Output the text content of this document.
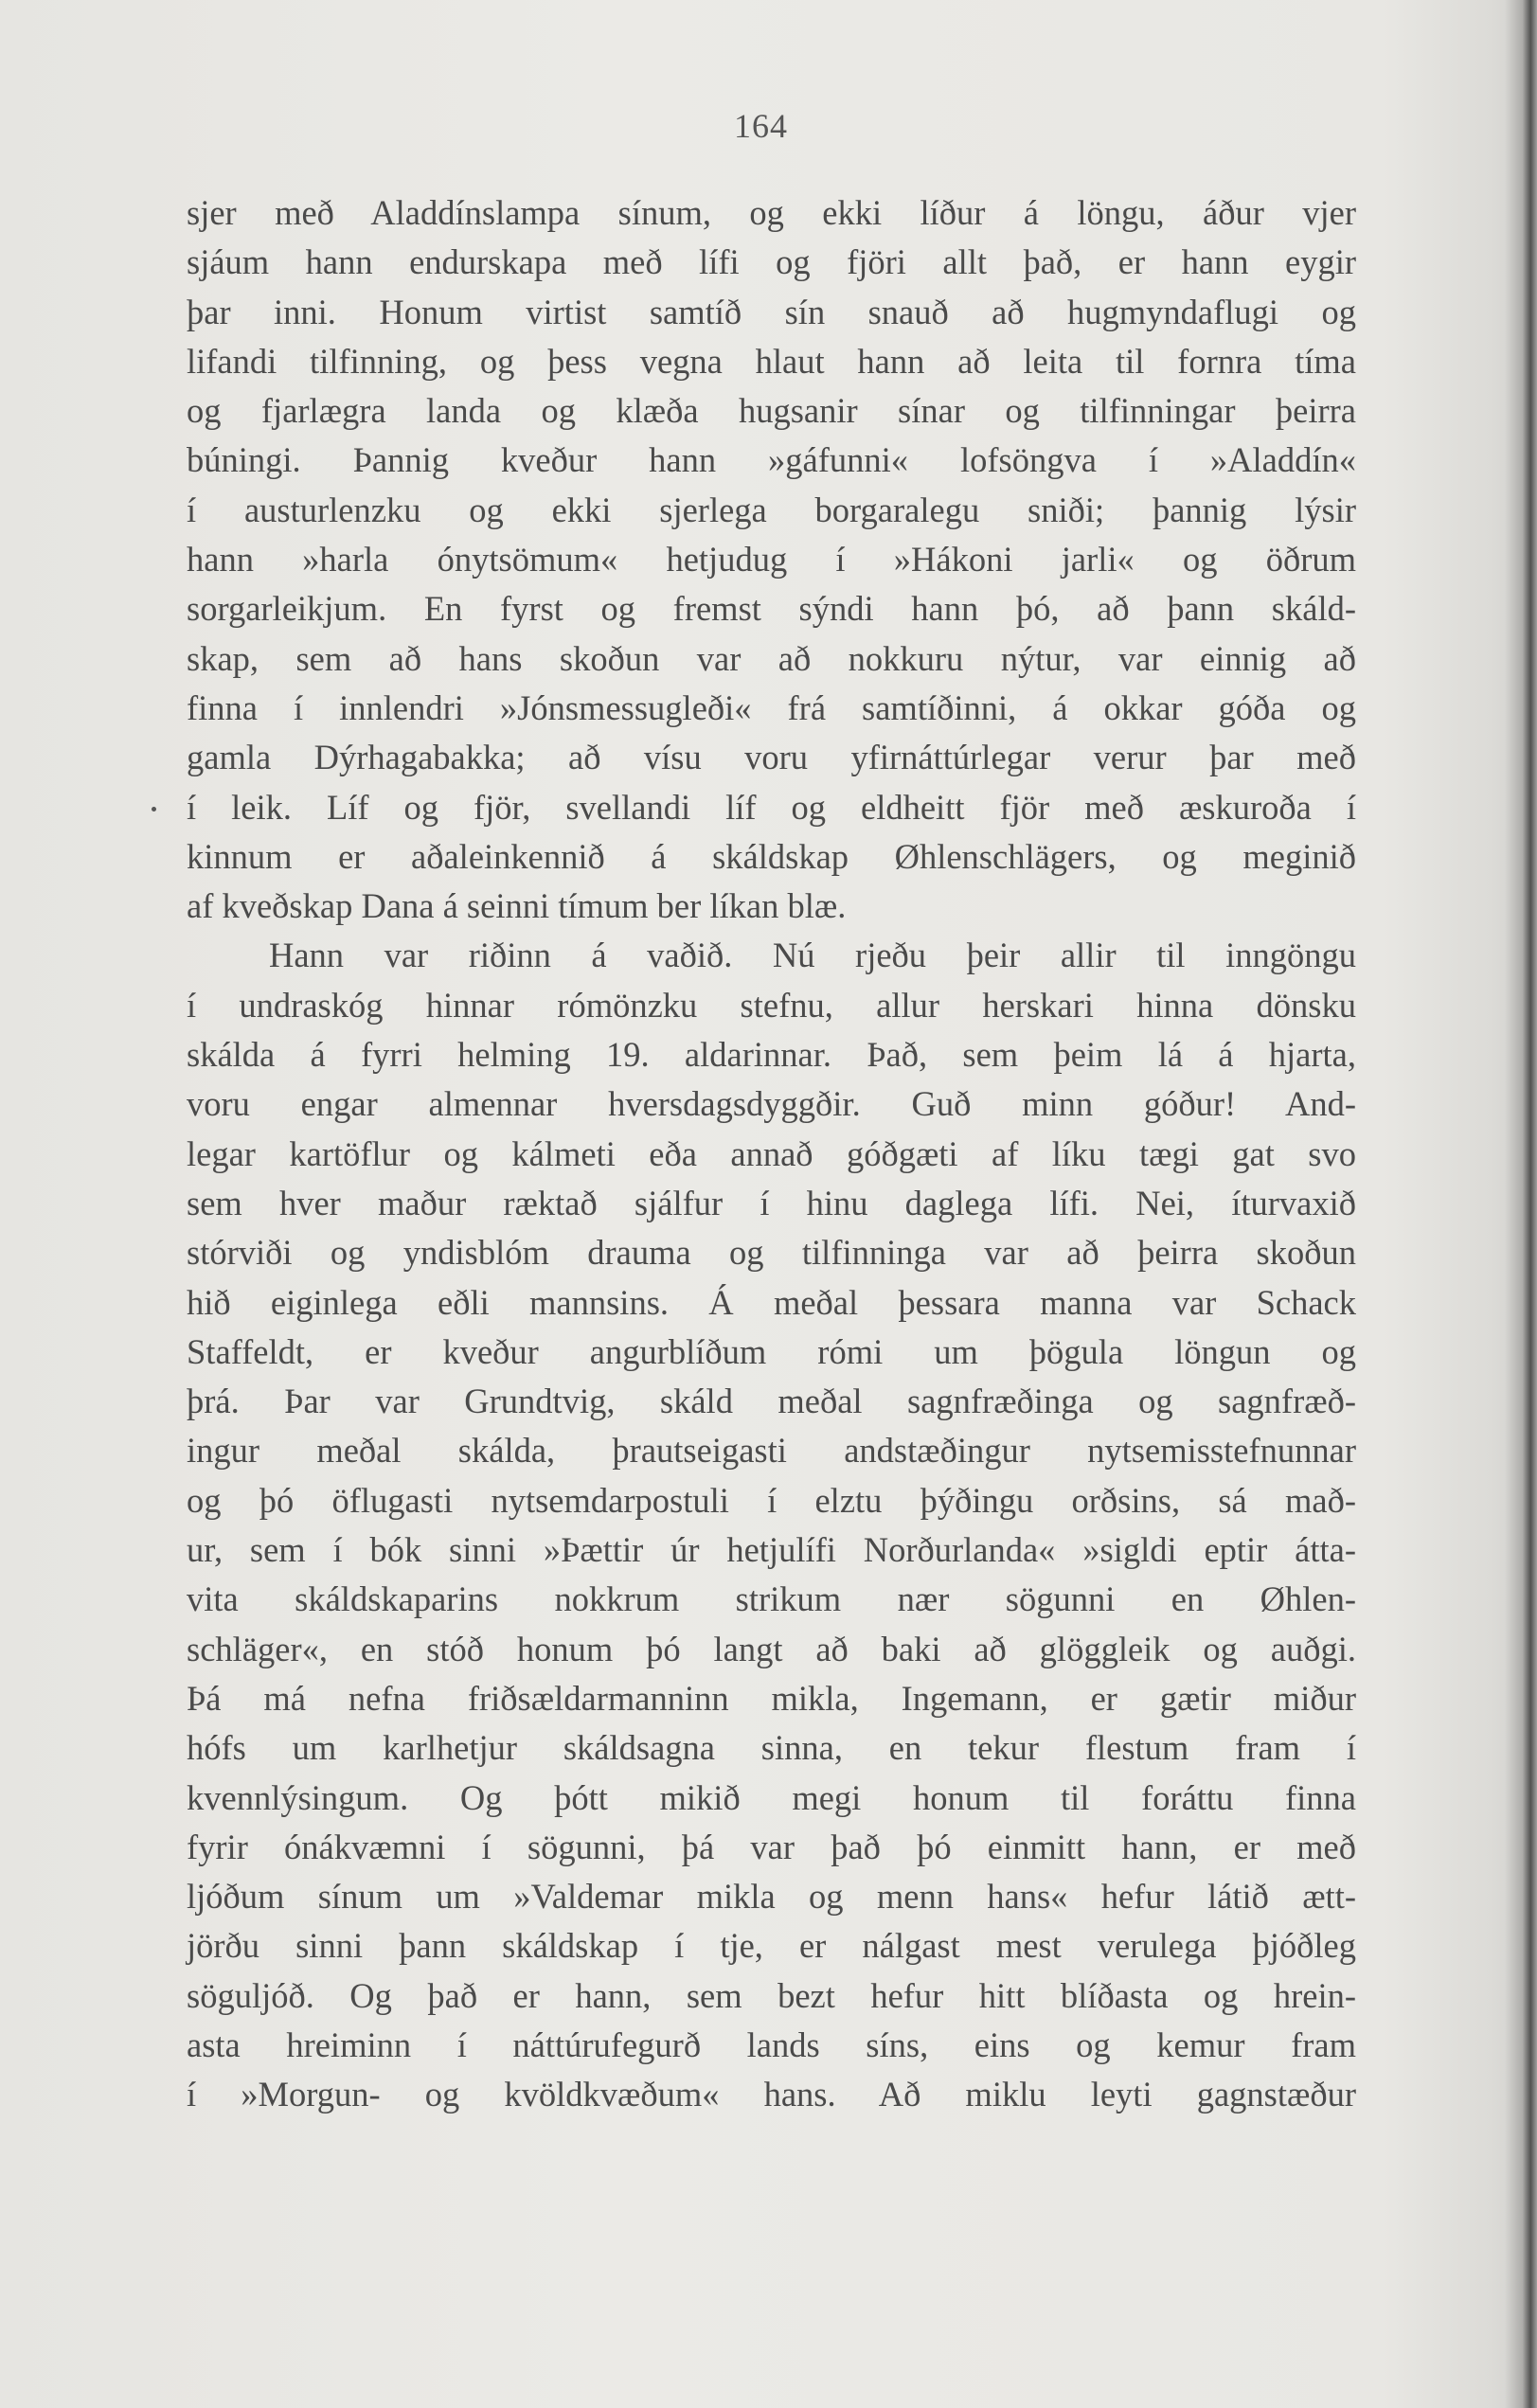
164
sjer með Aladdínslampa sínum, og ekki líður á löngu, áður vjer
sjáum hann endurskapa með lífi og fjöri allt það, er hann eygir
þar inni. Honum virtist samtíð sín snauð að hugmyndaflugi og
lifandi tilfinning, og þess vegna hlaut hann að leita til fornra tíma
og fjarlægra landa og klæða hugsanir sínar og tilfinningar þeirra
búningi. Þannig kveður hann »gáfunni« lofsöngva í »Aladdín«
í austurlenzku og ekki sjerlega borgaralegu sniði; þannig lýsir
hann »harla ónytsömum« hetjudug í »Hákoni jarli« og öðrum
sorgarleikjum. En fyrst og fremst sýndi hann þó, að þann skáld-
skap, sem að hans skoðun var að nokkuru nýtur, var einnig að
finna í innlendri »Jónsmessugleði« frá samtíðinni, á okkar góða og
gamla Dýrhagabakka; að vísu voru yfirnáttúrlegar verur þar með
í leik. Líf og fjör, svellandi líf og eldheitt fjör með æskuroða í
kinnum er aðaleinkennið á skáldskap Øhlenschlägers, og meginið
af kveðskap Dana á seinni tímum ber líkan blæ.
Hann var riðinn á vaðið. Nú rjeðu þeir allir til inngöngu
í undraskóg hinnar rómönzku stefnu, allur herskari hinna dönsku
skálda á fyrri helming 19. aldarinnar. Það, sem þeim lá á hjarta,
voru engar almennar hversdagsdyggðir. Guð minn góður! And-
legar kartöflur og kálmeti eða annað góðgæti af líku tægi gat svo
sem hver maður ræktað sjálfur í hinu daglega lífi. Nei, íturvaxið
stórviði og yndisblóm drauma og tilfinninga var að þeirra skoðun
hið eiginlega eðli mannsins. Á meðal þessara manna var Schack
Staffeldt, er kveður angurblíðum rómi um þögula löngun og
þrá. Þar var Grundtvig, skáld meðal sagnfræðinga og sagnfræð-
ingur meðal skálda, þrautseigasti andstæðingur nytsemisstefnunnar
og þó öflugasti nytsemdarpostuli í elztu þýðingu orðsins, sá mað-
ur, sem í bók sinni »Þættir úr hetjulífi Norðurlanda« »sigldi eptir átta-
vita skáldskaparins nokkrum strikum nær sögunni en Øhlen-
schläger«, en stóð honum þó langt að baki að glöggleik og auðgi.
Þá má nefna friðsældarmanninn mikla, Ingemann, er gætir miður
hófs um karlhetjur skáldsagna sinna, en tekur flestum fram í
kvennlýsingum. Og þótt mikið megi honum til foráttu finna
fyrir ónákvæmni í sögunni, þá var það þó einmitt hann, er með
ljóðum sínum um »Valdemar mikla og menn hans« hefur látið ætt-
jörðu sinni þann skáldskap í tje, er nálgast mest verulega þjóðleg
söguljóð. Og það er hann, sem bezt hefur hitt blíðasta og hrein-
asta hreiminn í náttúrufegurð lands síns, eins og kemur fram
í »Morgun- og kvöldkvæðum« hans. Að miklu leyti gagnstæður
